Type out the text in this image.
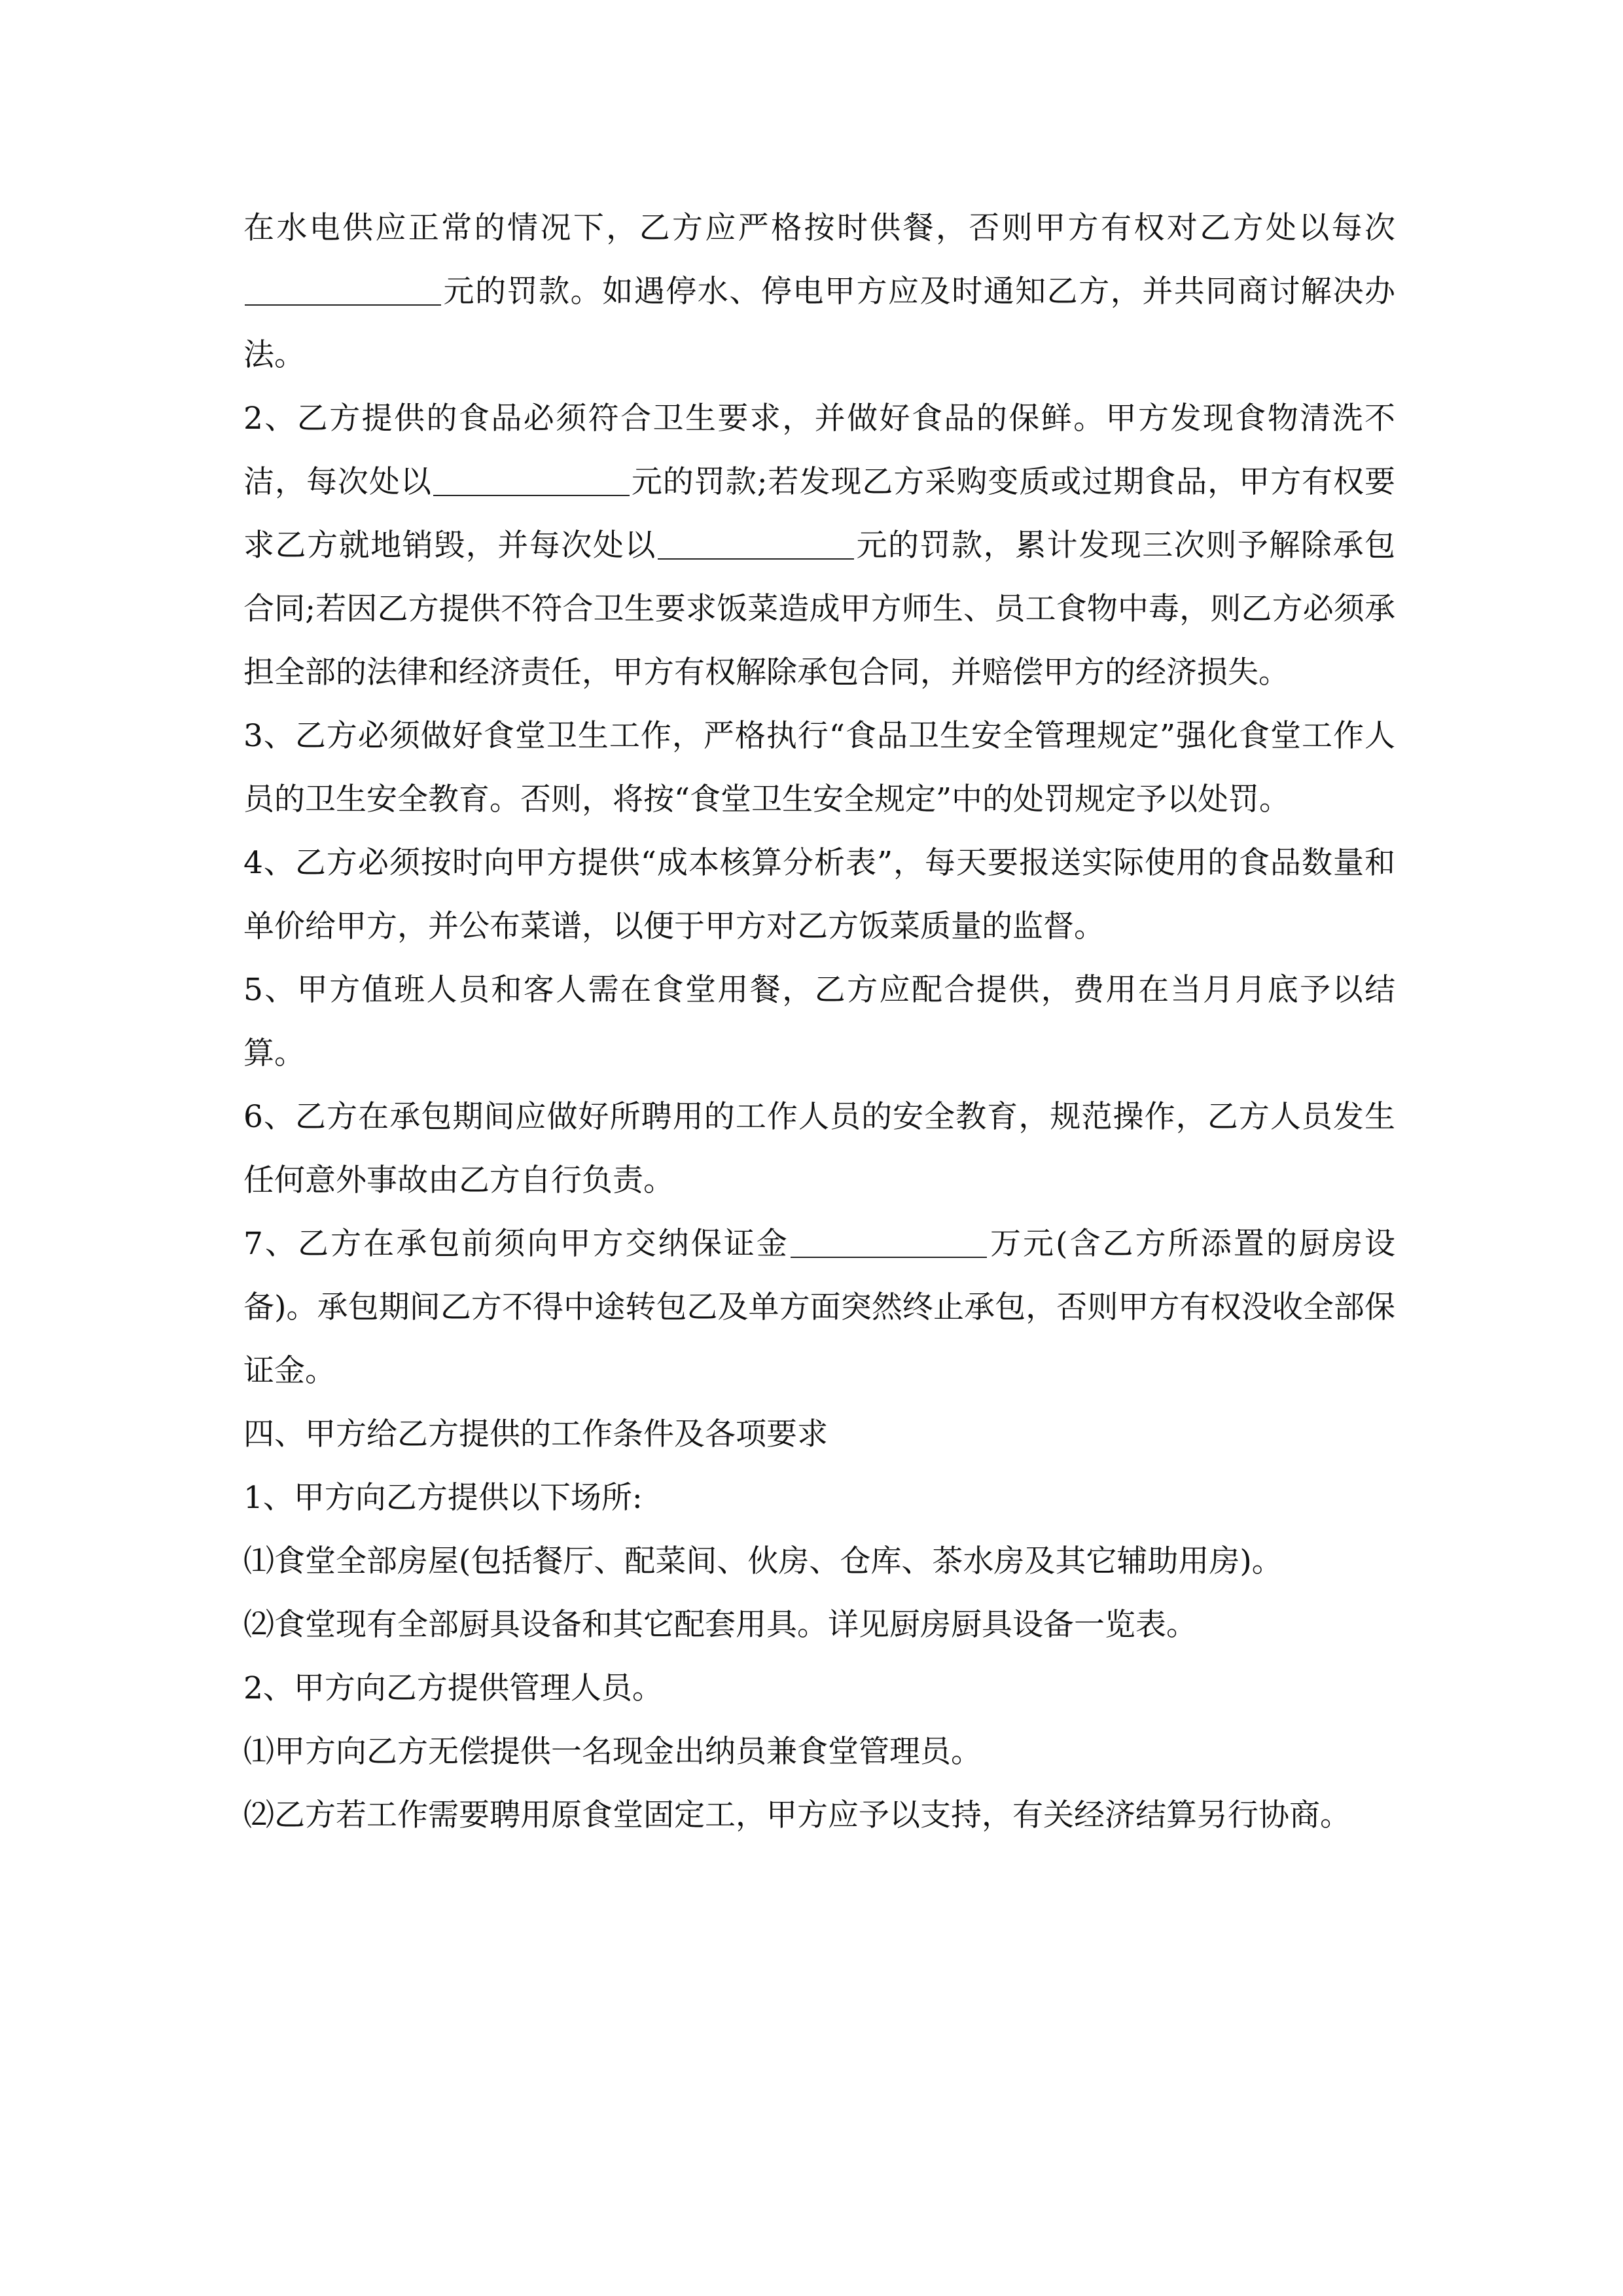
在水电供应正常的情况下，乙方应严格按时供餐，否则甲方有权对乙方处以每次元的罚款。如遇停水、停电甲方应及时通知乙方，并共同商讨解决办法。

2、乙方提供的食品必须符合卫生要求，并做好食品的保鲜。甲方发现食物清洗不洁，每次处以	元的罚款;若发现乙方采购变质或过期食品，甲方有权要求乙方就地销毁，并每次处以	元的罚款，累计发现三次则予解除承包合同;若因乙方提供不符合卫生要求饭菜造成甲方师生、员工食物中毒，则乙方必须承担全部的法律和经济责任，甲方有权解除承包合同，并赔偿甲方的经济损失。

3、乙方必须做好食堂卫生工作，严格执行“食品卫生安全管理规定”强化食堂工作人员的卫生安全教育。否则，将按“食堂卫生安全规定”中的处罚规定予以处罚。

4、乙方必须按时向甲方提供“成本核算分析表”，每天要报送实际使用的食品数量和单价给甲方，并公布菜谱，以便于甲方对乙方饭菜质量的监督。

5、甲方值班人员和客人需在食堂用餐，乙方应配合提供，费用在当月月底予以结算。

6、乙方在承包期间应做好所聘用的工作人员的安全教育，规范操作，乙方人员发生任何意外事故由乙方自行负责。

7、乙方在承包前须向甲方交纳保证金	万元(含乙方所添置的厨房设备)。承包期间乙方不得中途转包乙及单方面突然终止承包，否则甲方有权没收全部保证金。

四、甲方给乙方提供的工作条件及各项要求

1、甲方向乙方提供以下场所:

⑴食堂全部房屋(包括餐厅、配菜间、伙房、仓库、茶水房及其它辅助用房)。

⑵食堂现有全部厨具设备和其它配套用具。详见厨房厨具设备一览表。

2、甲方向乙方提供管理人员。

⑴甲方向乙方无偿提供一名现金出纳员兼食堂管理员。

⑵乙方若工作需要聘用原食堂固定工，甲方应予以支持，有关经济结算另行协商。
